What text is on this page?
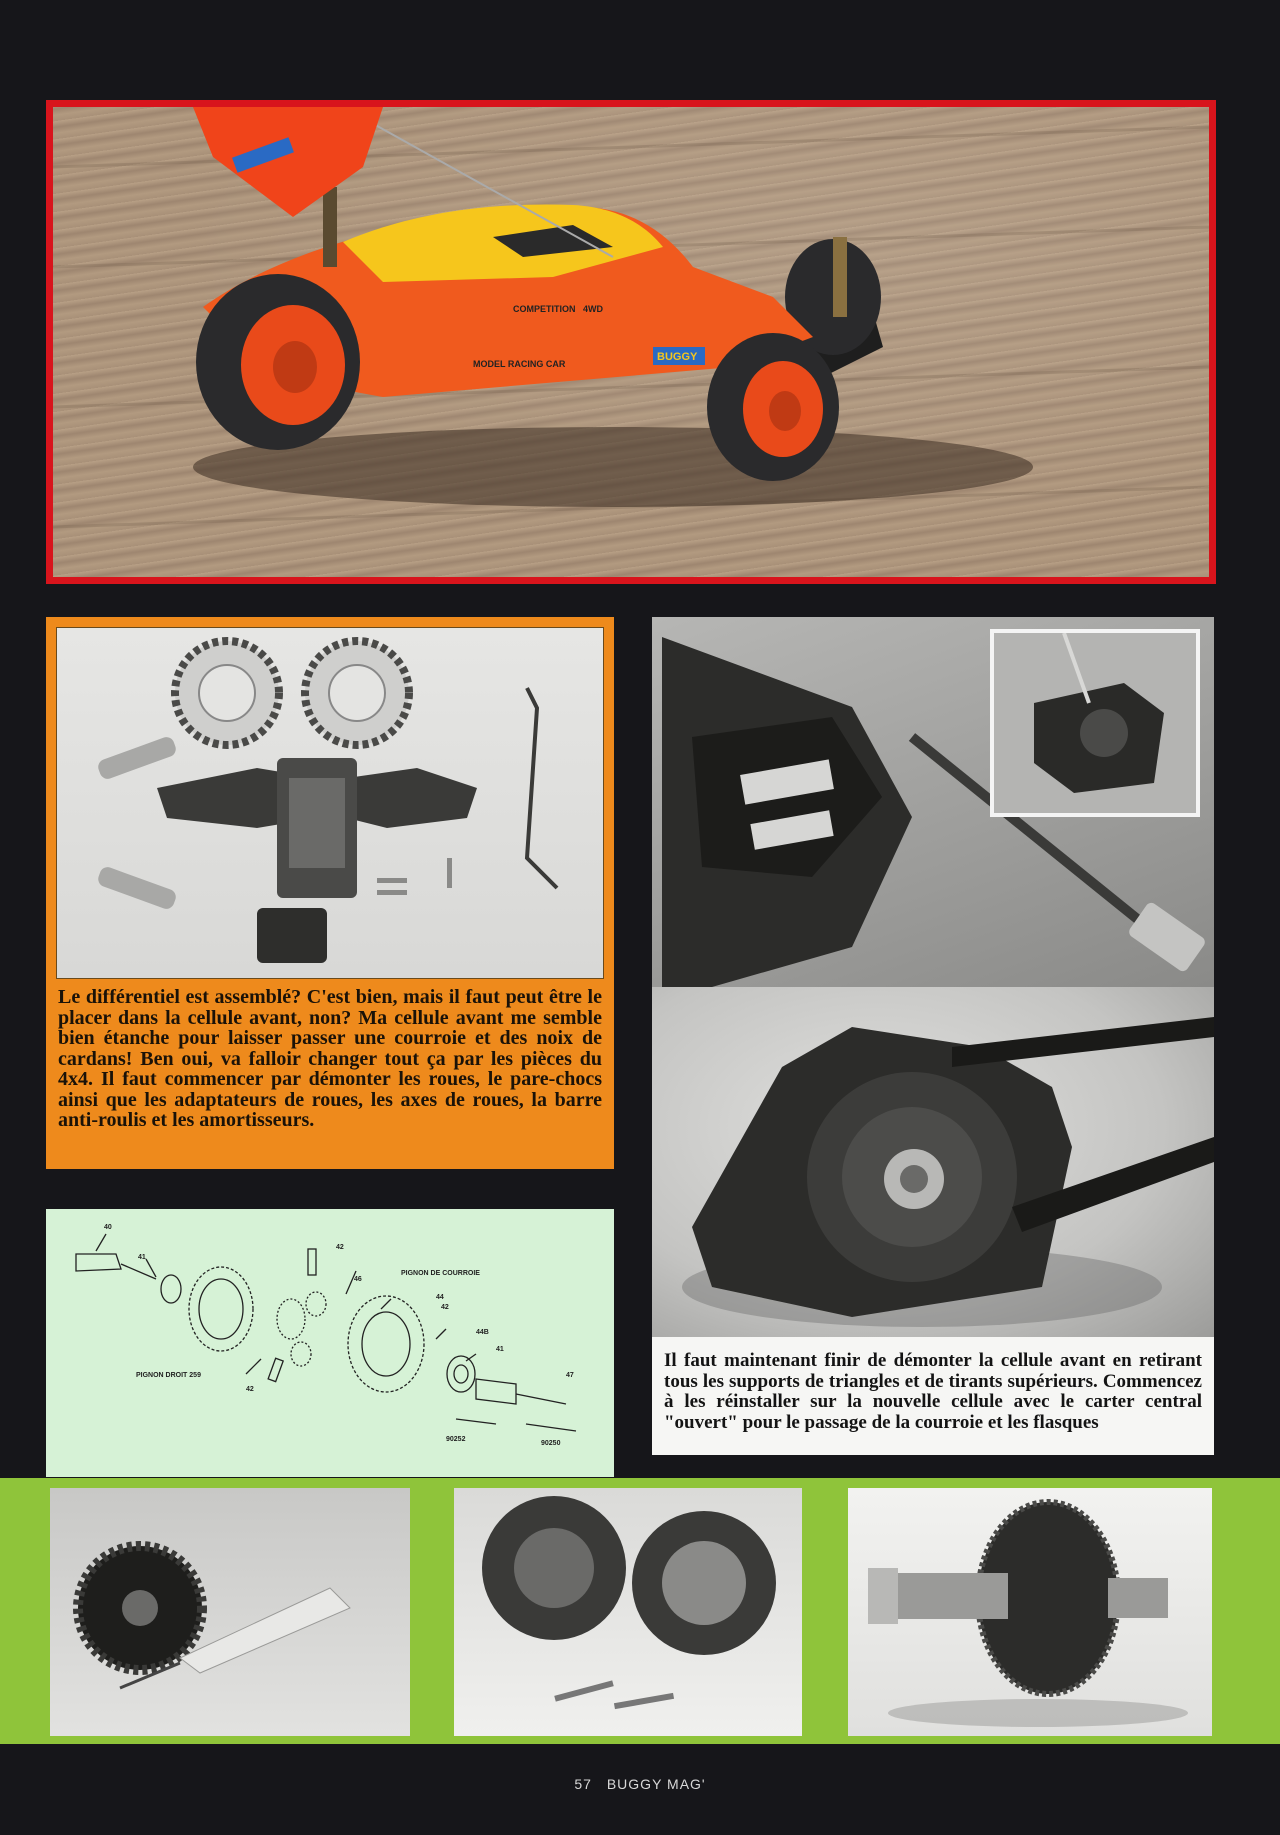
COMPETITION 4WD
MODEL RACING CAR
BUGGY
Le différentiel est assemblé? C'est bien, mais il faut peut être le placer dans la cellule avant, non? Ma cellule avant me semble bien étanche pour laisser passer une courroie et des noix de cardans! Ben oui, va falloir changer tout ça par les pièces du 4x4. Il faut commencer par démonter les roues, le pare-chocs ainsi que les adaptateurs de roues, les axes de roues, la barre anti-roulis et les amortisseurs.
40
41
42
46
PIGNON DE COURROIE
44
42
44B
41
PIGNON DROIT 259
42
47
90252
90250
Il faut maintenant finir de démonter la cellule avant en retirant tous les supports de triangles et de tirants supérieurs. Commencez à les réinstaller sur la nouvelle cellule avec le carter central "ouvert" pour le passage de la courroie et les flasques
57 BUGGY MAG'
